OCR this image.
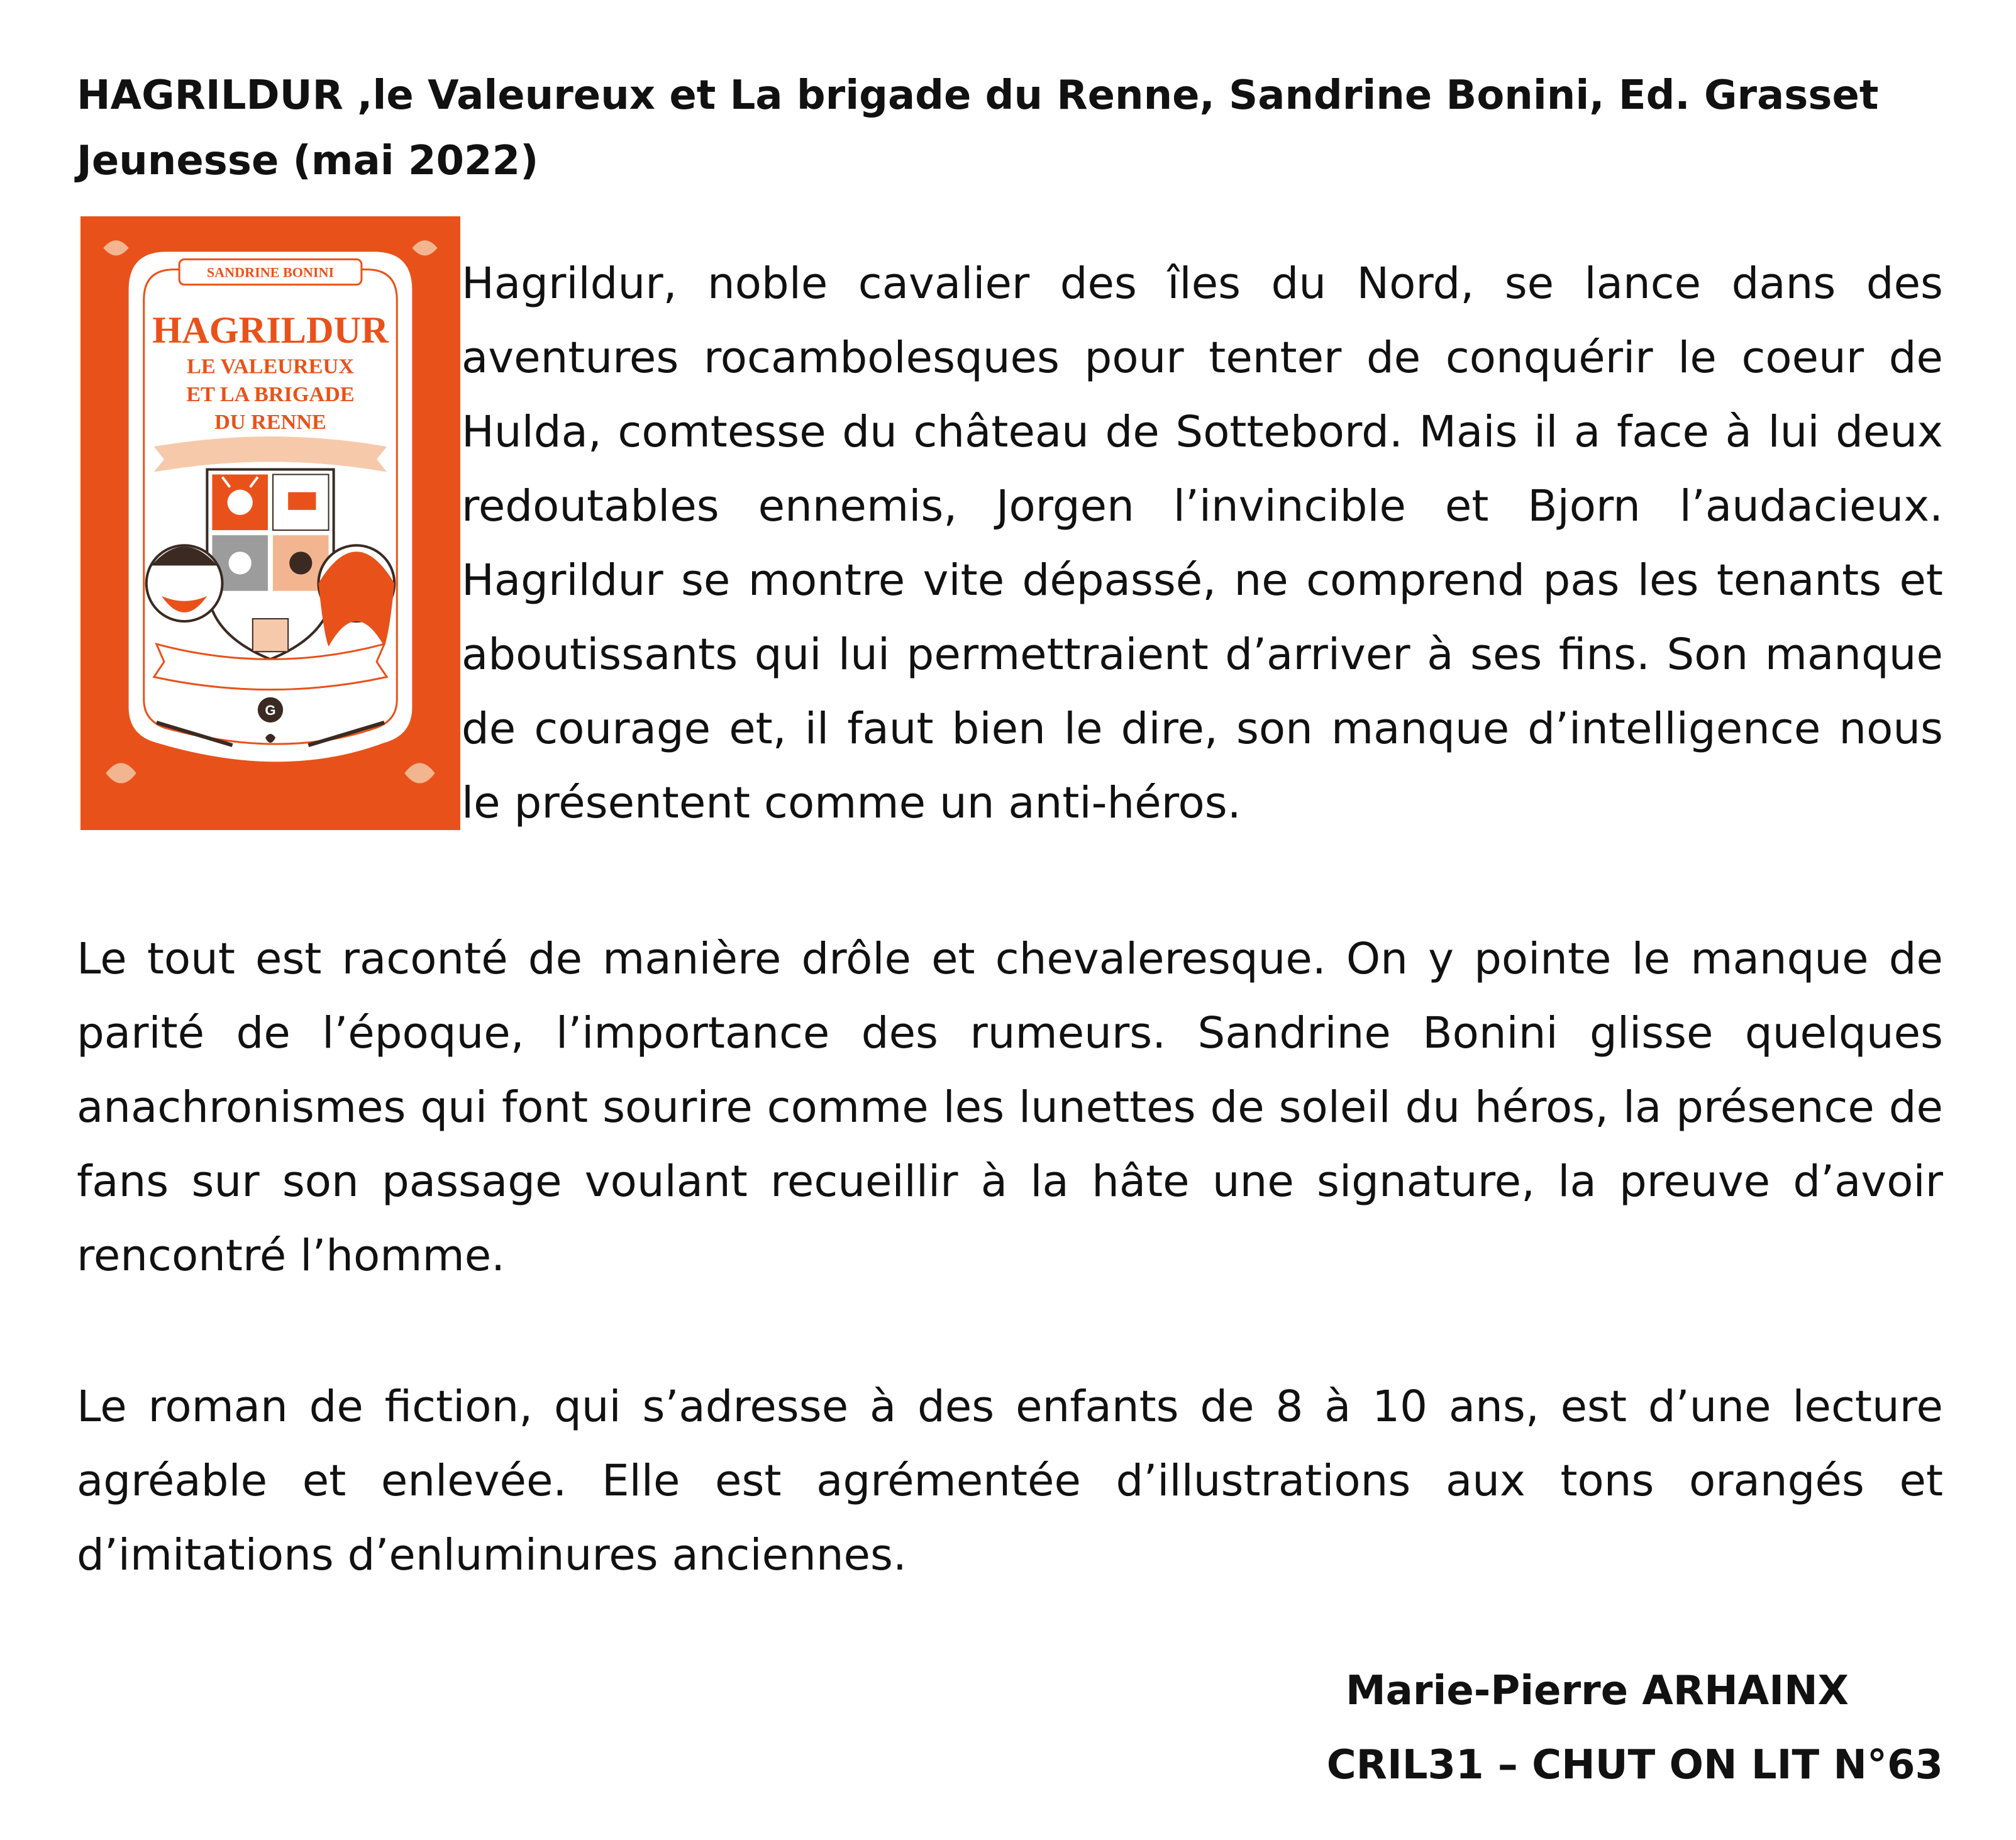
HAGRILDUR ,le Valeureux et La brigade du Renne, Sandrine Bonini, Ed. Grasset Jeunesse (mai 2022)
SANDRINE BONINI
HAGRILDUR
LE VALEUREUX
ET LA BRIGADE
DU RENNE
G

Hagrildur, noble cavalier des îles du Nord, se lance dans des aventures rocambolesques pour tenter de conquérir le coeur de Hulda, comtesse du château de Sottebord. Mais il a face à lui deux redoutables ennemis, Jorgen l’invincible et Bjorn l’audacieux. Hagrildur se montre vite dépassé, ne comprend pas les tenants et aboutissants qui lui permettraient d’arriver à ses fins. Son manque de courage et, il faut bien le dire, son manque d’intelligence nous le présentent comme un anti-héros.

Le tout est raconté de manière drôle et chevaleresque. On y pointe le manque de parité de l’époque, l’importance des rumeurs. Sandrine Bonini glisse quelques anachronismes qui font sourire comme les lunettes de soleil du héros, la présence de fans sur son passage voulant recueillir à la hâte une signature, la preuve d’avoir rencontré l’homme.

Le roman de fiction, qui s’adresse à des enfants de 8 à 10 ans, est d’une lecture agréable et enlevée. Elle est agrémentée d’illustrations aux tons orangés et d’imitations d’enluminures anciennes.

Marie-Pierre ARHAINX
CRIL31 – CHUT ON LIT N°63
